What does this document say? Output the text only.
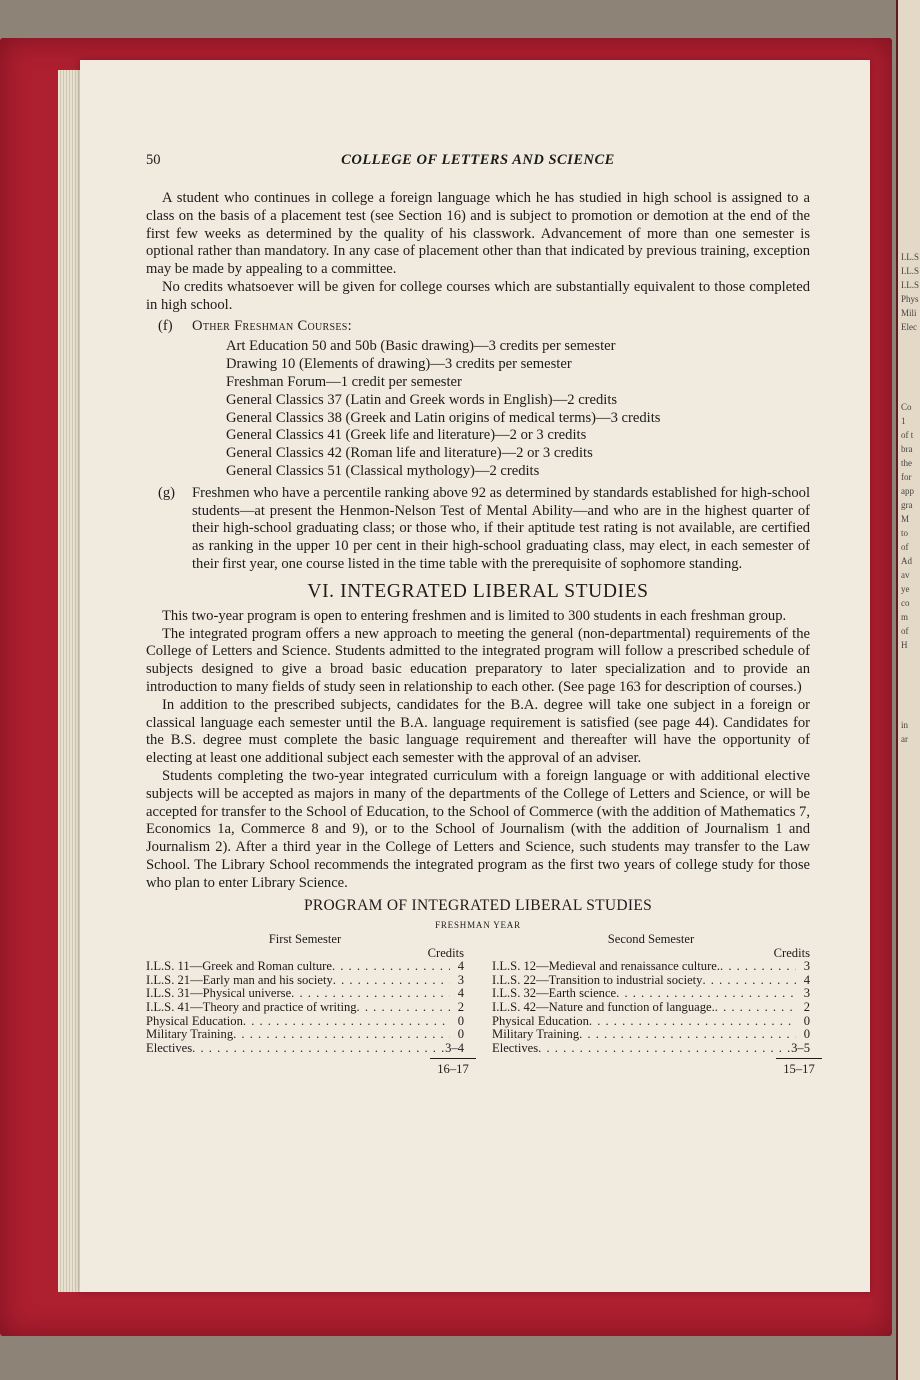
I.L.S
I.L.S
I.L.S
Phys
Mili
Elec
Co
1
of t
bra
the
for
app
gra
M
to
of
Ad
av
ye
co
m
of
H
in
ar
50	COLLEGE OF LETTERS AND SCIENCE

A student who continues in college a foreign language which he has studied in high school is assigned to a class on the basis of a placement test (see Section 16) and is subject to promotion or demotion at the end of the first few weeks as determined by the quality of his classwork. Advancement of more than one semester is optional rather than mandatory. In any case of placement other than that indicated by previous training, exception may be made by appealing to a committee.

No credits whatsoever will be given for college courses which are substantially equivalent to those completed in high school.

(f) Other Freshman Courses:
Art Education 50 and 50b (Basic drawing)—3 credits per semester
Drawing 10 (Elements of drawing)—3 credits per semester
Freshman Forum—1 credit per semester
General Classics 37 (Latin and Greek words in English)—2 credits
General Classics 38 (Greek and Latin origins of medical terms)—3 credits
General Classics 41 (Greek life and literature)—2 or 3 credits
General Classics 42 (Roman life and literature)—2 or 3 credits
General Classics 51 (Classical mythology)—2 credits
(g) Freshmen who have a percentile ranking above 92 as determined by standards established for high-school students—at present the Henmon-Nelson Test of Mental Ability—and who are in the highest quarter of their high-school graduating class; or those who, if their aptitude test rating is not available, are certified as ranking in the upper 10 per cent in their high-school graduating class, may elect, in each semester of their first year, one course listed in the time table with the prerequisite of sophomore standing.

VI. INTEGRATED LIBERAL STUDIES

This two-year program is open to entering freshmen and is limited to 300 students in each freshman group.

The integrated program offers a new approach to meeting the general (non-departmental) requirements of the College of Letters and Science. Students admitted to the integrated program will follow a prescribed schedule of subjects designed to give a broad basic education preparatory to later specialization and to provide an introduction to many fields of study seen in relationship to each other. (See page 163 for description of courses.)

In addition to the prescribed subjects, candidates for the B.A. degree will take one subject in a foreign or classical language each semester until the B.A. language requirement is satisfied (see page 44). Candidates for the B.S. degree must complete the basic language requirement and thereafter will have the opportunity of electing at least one additional subject each semester with the approval of an adviser.

Students completing the two-year integrated curriculum with a foreign language or with additional elective subjects will be accepted as majors in many of the departments of the College of Letters and Science, or will be accepted for transfer to the School of Education, to the School of Commerce (with the addition of Mathematics 7, Economics 1a, Commerce 8 and 9), or to the School of Journalism (with the addition of Journalism 1 and Journalism 2). After a third year in the College of Letters and Science, such students may transfer to the Law School. The Library School recommends the integrated program as the first two years of college study for those who plan to enter Library Science.

PROGRAM OF INTEGRATED LIBERAL STUDIES
FRESHMAN YEAR
First Semester
Credits
I.L.S. 11—Greek and Roman culture . . .	4
I.L.S. 21—Early man and his society . . .	3
I.L.S. 31—Physical universe . . .	4
I.L.S. 41—Theory and practice of writing . . .	2
Physical Education . . .	0
Military Training . . .	0
Electives . . .	3–4
16–17

Second Semester
Credits
I.L.S. 12—Medieval and renaissance culture. . . .	3
I.L.S. 22—Transition to industrial society . . .	4
I.L.S. 32—Earth science . . .	3
I.L.S. 42—Nature and function of language. . . .	2
Physical Education . . .	0
Military Training . . .	0
Electives . . .	3–5
15–17
